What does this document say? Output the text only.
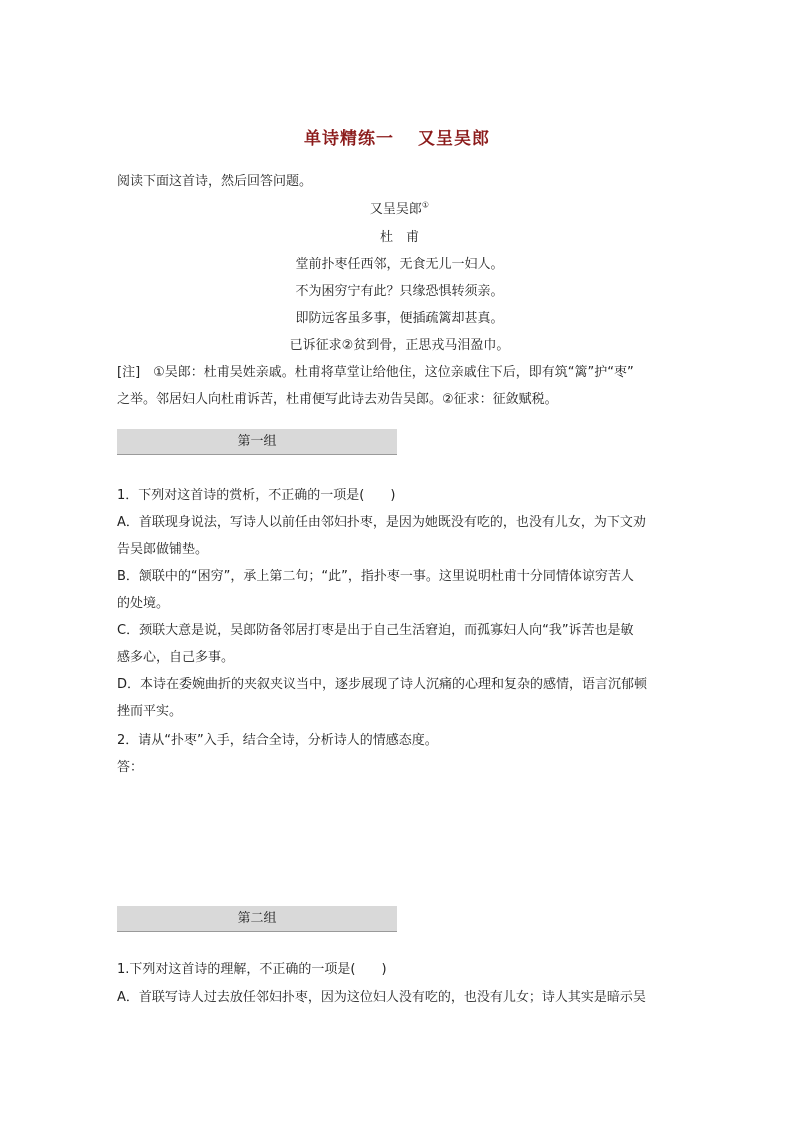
单诗精练一 又呈吴郎
阅读下面这首诗，然后回答问题。
又呈吴郎①
杜　甫
堂前扑枣任西邻，无食无儿一妇人。
不为困穷宁有此？只缘恐惧转须亲。
即防远客虽多事，便插疏篱却甚真。
已诉征求②贫到骨，正思戎马泪盈巾。
[注]　①吴郎：杜甫吴姓亲戚。杜甫将草堂让给他住，这位亲戚住下后，即有筑“篱”护“枣”
之举。邻居妇人向杜甫诉苦，杜甫便写此诗去劝告吴郎。②征求：征敛赋税。
第一组
1．下列对这首诗的赏析，不正确的一项是(　　)
A．首联现身说法，写诗人以前任由邻妇扑枣，是因为她既没有吃的，也没有儿女，为下文劝
告吴郎做铺垫。
B．颔联中的“困穷”，承上第二句；“此”，指扑枣一事。这里说明杜甫十分同情体谅穷苦人
的处境。
C．颈联大意是说，吴郎防备邻居打枣是出于自己生活窘迫，而孤寡妇人向“我”诉苦也是敏
感多心，自己多事。
D．本诗在委婉曲折的夹叙夹议当中，逐步展现了诗人沉痛的心理和复杂的感情，语言沉郁顿
挫而平实。
2．请从“扑枣”入手，结合全诗，分析诗人的情感态度。
答：
第二组
1.下列对这首诗的理解，不正确的一项是(　　)
A．首联写诗人过去放任邻妇扑枣，因为这位妇人没有吃的，也没有儿女；诗人其实是暗示吴
